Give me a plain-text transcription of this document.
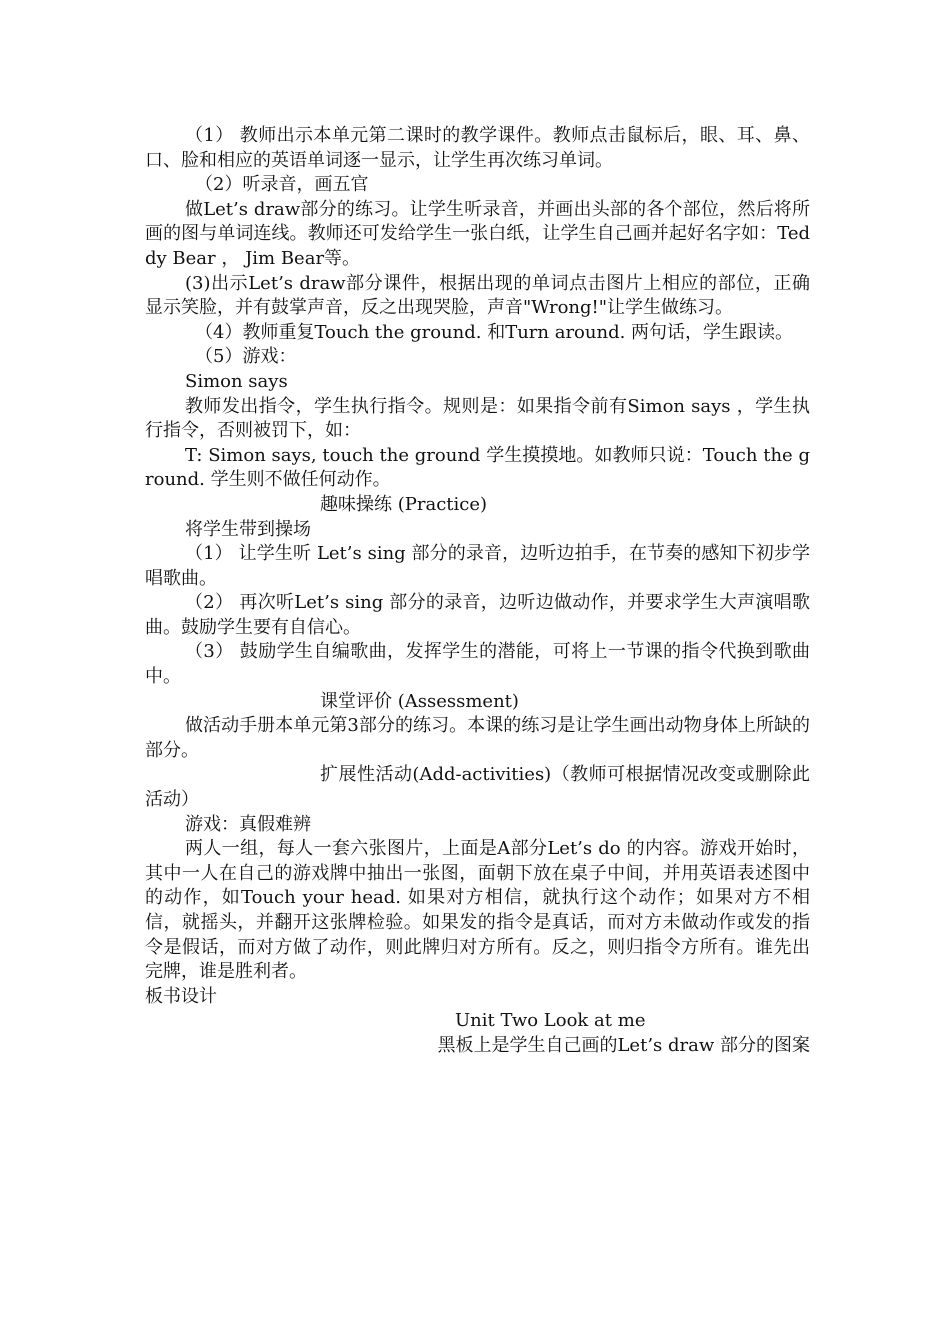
（1） 教师出示本单元第二课时的教学课件。教师点击鼠标后，眼、耳、鼻、口、脸和相应的英语单词逐一显示，让学生再次练习单词。

（2）听录音，画五官

做Let’s draw部分的练习。让学生听录音，并画出头部的各个部位，然后将所画的图与单词连线。教师还可发给学生一张白纸，让学生自己画并起好名字如：Teddy Bear ， Jim Bear等。

(3)出示Let’s draw部分课件，根据出现的单词点击图片上相应的部位，正确显示笑脸，并有鼓掌声音，反之出现哭脸，声音"Wrong!"让学生做练习。

（4）教师重复Touch the ground. 和Turn around. 两句话，学生跟读。

（5）游戏：

Simon says

教师发出指令，学生执行指令。规则是：如果指令前有Simon says ，学生执行指令，否则被罚下，如：

T: Simon says, touch the ground 学生摸摸地。如教师只说：Touch the ground. 学生则不做任何动作。

趣味操练 (Practice)

将学生带到操场

（1） 让学生听 Let’s sing 部分的录音，边听边拍手，在节奏的感知下初步学唱歌曲。

（2） 再次听Let’s sing 部分的录音，边听边做动作，并要求学生大声演唱歌曲。鼓励学生要有自信心。

（3） 鼓励学生自编歌曲，发挥学生的潜能，可将上一节课的指令代换到歌曲中。

课堂评价 (Assessment)

做活动手册本单元第3部分的练习。本课的练习是让学生画出动物身体上所缺的部分。

扩展性活动(Add-activities)（教师可根据情况改变或删除此活动）

游戏：真假难辨

两人一组，每人一套六张图片，上面是A部分Let’s do 的内容。游戏开始时，其中一人在自己的游戏牌中抽出一张图，面朝下放在桌子中间，并用英语表述图中的动作，如Touch your head. 如果对方相信，就执行这个动作；如果对方不相信，就摇头，并翻开这张牌检验。如果发的指令是真话，而对方未做动作或发的指令是假话，而对方做了动作，则此牌归对方所有。反之，则归指令方所有。谁先出完牌，谁是胜利者。

板书设计

Unit Two Look at me

黑板上是学生自己画的Let’s draw 部分的图案
